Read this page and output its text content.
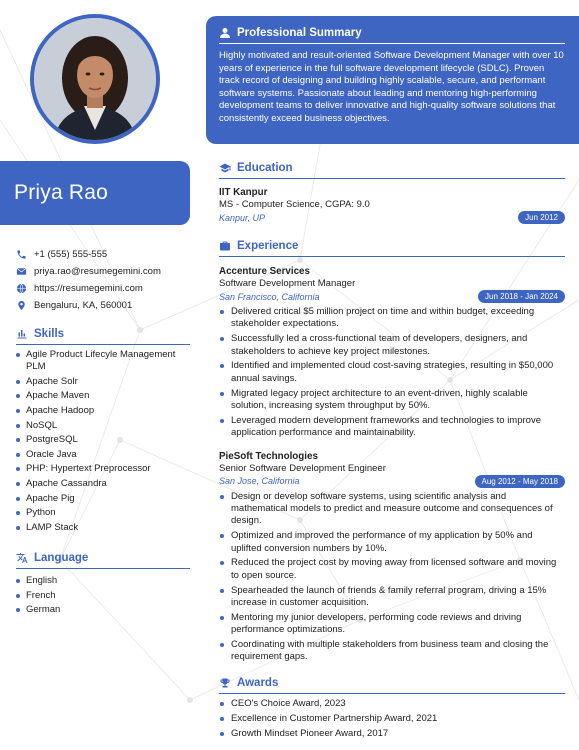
Priya Rao
+1 (555) 555-555
priya.rao@resumegemini.com
https://resumegemini.com
Bengaluru, KA, 560001
Skills
Agile Product Lifecyle Management PLM
Apache Solr
Apache Maven
Apache Hadoop
NoSQL
PostgreSQL
Oracle Java
PHP: Hypertext Preprocessor
Apache Cassandra
Apache Pig
Python
LAMP Stack
Language
English
French
German
Professional Summary

Highly motivated and result-oriented Software Development Manager with over 10 years of experience in the full software development lifecycle (SDLC). Proven track record of designing and building highly scalable, secure, and performant software systems. Passionate about leading and mentoring high-performing development teams to deliver innovative and high-quality software solutions that consistently exceed business objectives.

Education
IIT Kanpur
MS - Computer Science, CGPA: 9.0
Kanpur, UP	Jun 2012
Experience
Accenture Services
Software Development Manager
San Francisco, California	Jun 2018 - Jan 2024
Delivered critical $5 million project on time and within budget, exceeding stakeholder expectations.
Successfully led a cross-functional team of developers, designers, and stakeholders to achieve key project milestones.
Identified and implemented cloud cost-saving strategies, resulting in $50,000 annual savings.
Migrated legacy project architecture to an event-driven, highly scalable solution, increasing system throughput by 50%.
Leveraged modern development frameworks and technologies to improve application performance and maintainability.
PieSoft Technologies
Senior Software Development Engineer
San Jose, California	Aug 2012 - May 2018
Design or develop software systems, using scientific analysis and mathematical models to predict and measure outcome and consequences of design.
Optimized and improved the performance of my application by 50% and uplifted conversion numbers by 10%.
Reduced the project cost by moving away from licensed software and moving to open source.
Spearheaded the launch of friends & family referral program, driving a 15% increase in customer acquisition.
Mentoring my junior developers, performing code reviews and driving performance optimizations.
Coordinating with multiple stakeholders from business team and closing the requirement gaps.
Awards
CEO's Choice Award, 2023
Excellence in Customer Partnership Award, 2021
Growth Mindset Pioneer Award, 2017
